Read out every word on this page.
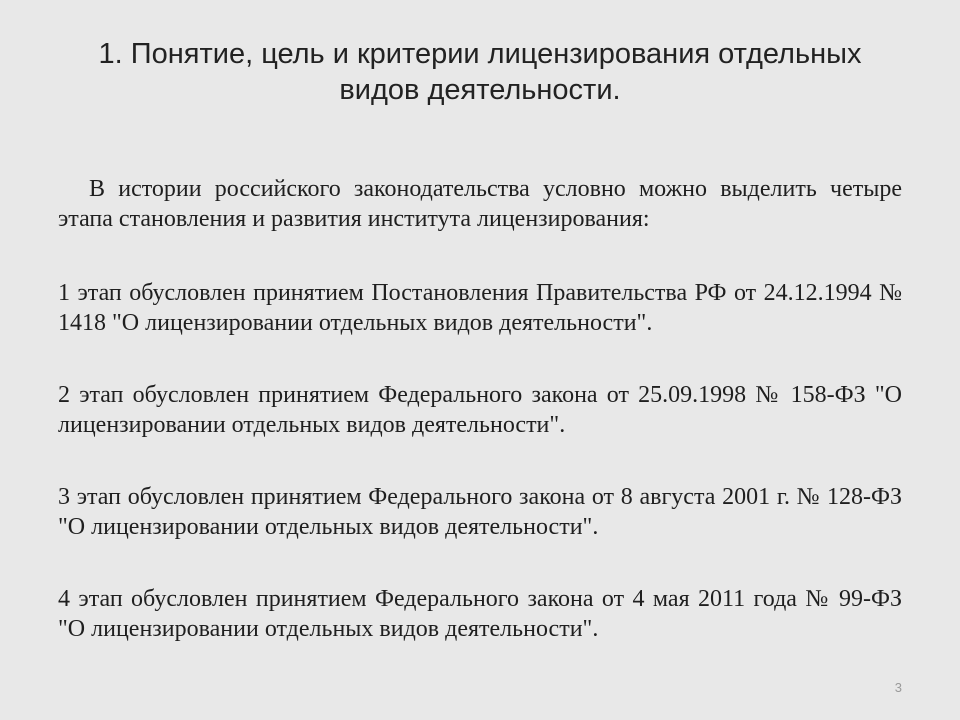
1. Понятие, цель и критерии лицензирования отдельных видов деятельности.

В истории российского законодательства условно можно выделить четыре этапа становления и развития института лицензирования:

1 этап обусловлен принятием Постановления Правительства РФ от 24.12.1994 № 1418 "О лицензировании отдельных видов деятельности".

2 этап обусловлен принятием Федерального закона от 25.09.1998 № 158-ФЗ "О лицензировании отдельных видов деятельности".

3 этап обусловлен принятием Федерального закона от 8 августа 2001 г. № 128-ФЗ "О лицензировании отдельных видов деятельности".

4 этап обусловлен принятием Федерального закона от 4 мая 2011 года № 99-ФЗ "О лицензировании отдельных видов деятельности".

3
